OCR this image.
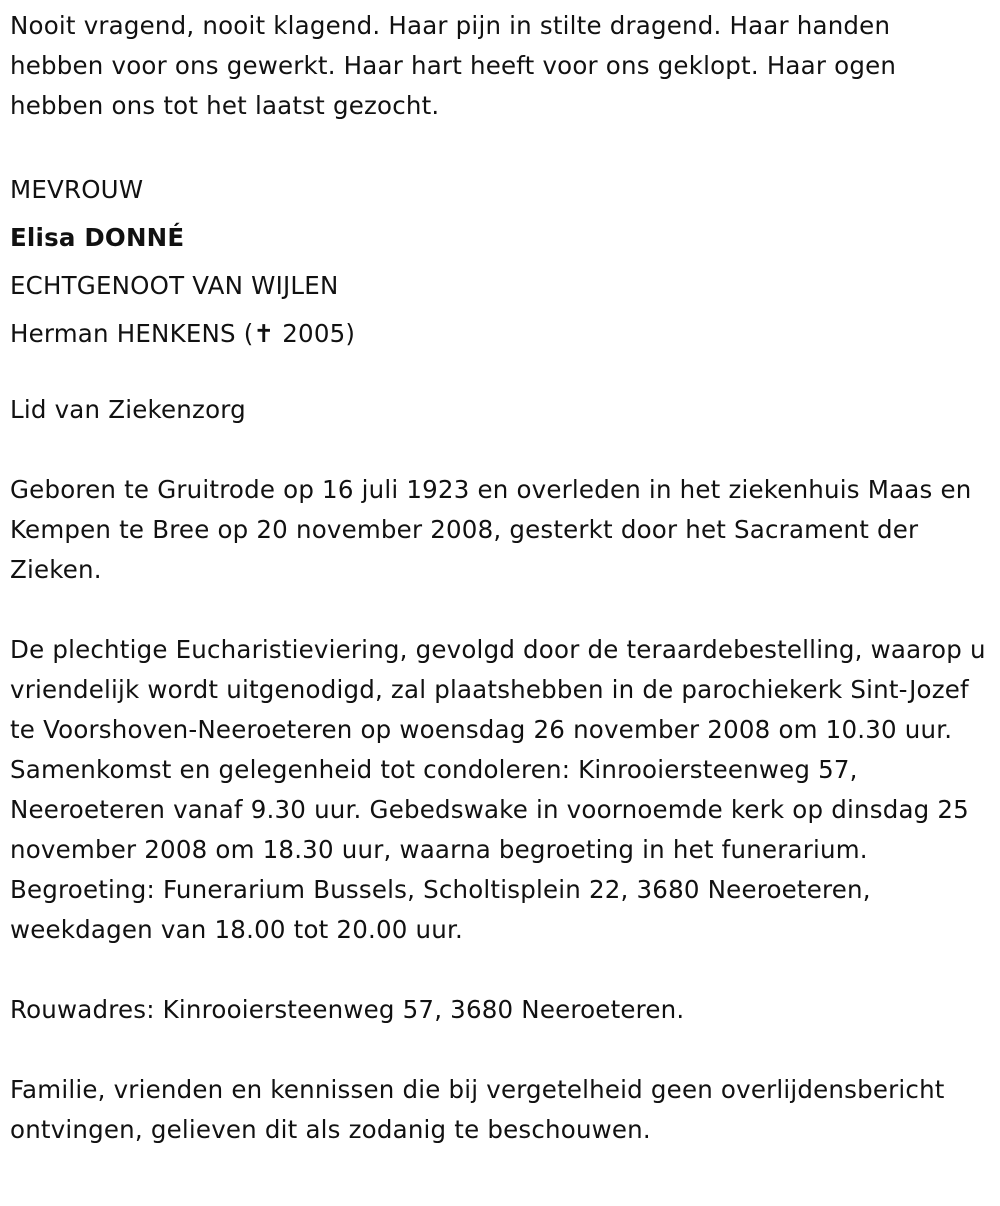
Nooit vragend, nooit klagend. Haar pijn in stilte dragend. Haar handen hebben voor ons gewerkt. Haar hart heeft voor ons geklopt. Haar ogen hebben ons tot het laatst gezocht.

MEVROUW

Elisa DONNÉ

ECHTGENOOT VAN WIJLEN

Herman HENKENS (✝ 2005)

Lid van Ziekenzorg

Geboren te Gruitrode op 16 juli 1923 en overleden in het ziekenhuis Maas en Kempen te Bree op 20 november 2008, gesterkt door het Sacrament der Zieken.

De plechtige Eucharistieviering, gevolgd door de teraardebestelling, waarop u vriendelijk wordt uitgenodigd, zal plaatshebben in de parochiekerk Sint-Jozef te Voorshoven-Neeroeteren op woensdag 26 november 2008 om 10.30 uur. Samenkomst en gelegenheid tot condoleren: Kinrooiersteenweg 57, Neeroeteren vanaf 9.30 uur. Gebedswake in voornoemde kerk op dinsdag 25 november 2008 om 18.30 uur, waarna begroeting in het funerarium. Begroeting: Funerarium Bussels, Scholtisplein 22, 3680 Neeroeteren, weekdagen van 18.00 tot 20.00 uur.

Rouwadres: Kinrooiersteenweg 57, 3680 Neeroeteren.

Familie, vrienden en kennissen die bij vergetelheid geen overlijdensbericht ontvingen, gelieven dit als zodanig te beschouwen.
